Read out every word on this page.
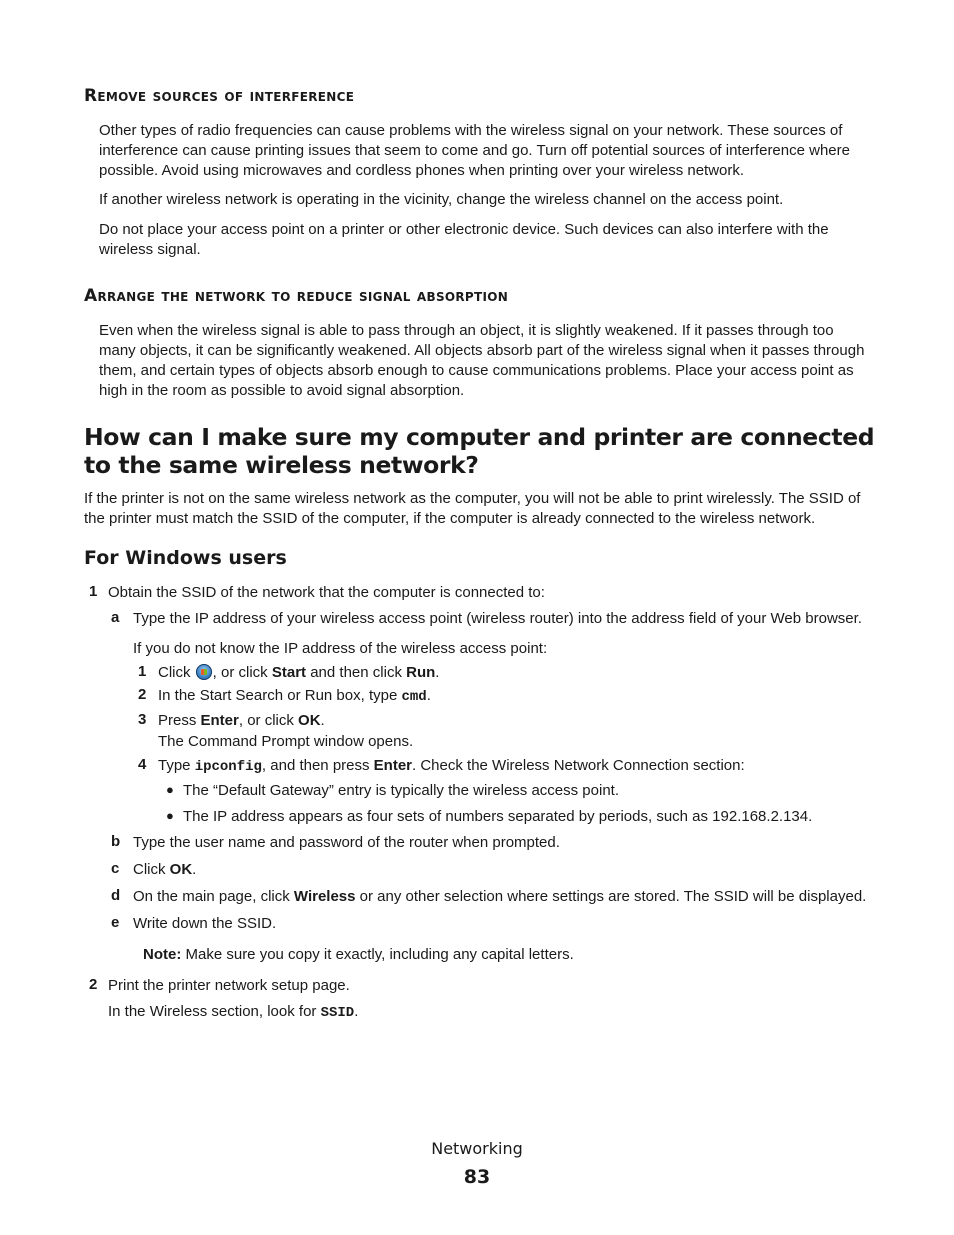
Remove sources of interference

Other types of radio frequencies can cause problems with the wireless signal on your network. These sources of interference can cause printing issues that seem to come and go. Turn off potential sources of interference where possible. Avoid using microwaves and cordless phones when printing over your wireless network.

If another wireless network is operating in the vicinity, change the wireless channel on the access point.

Do not place your access point on a printer or other electronic device. Such devices can also interfere with the wireless signal.

Arrange the network to reduce signal absorption

Even when the wireless signal is able to pass through an object, it is slightly weakened. If it passes through too many objects, it can be significantly weakened. All objects absorb part of the wireless signal when it passes through them, and certain types of objects absorb enough to cause communications problems. Place your access point as high in the room as possible to avoid signal absorption.

How can I make sure my computer and printer are connected to the same wireless network?

If the printer is not on the same wireless network as the computer, you will not be able to print wirelessly. The SSID of the printer must match the SSID of the computer, if the computer is already connected to the wireless network.

For Windows users
1 Obtain the SSID of the network that the computer is connected to:
a Type the IP address of your wireless access point (wireless router) into the address field of your Web browser.
If you do not know the IP address of the wireless access point:
1 Click , or click Start and then click Run.
2 In the Start Search or Run box, type cmd.
3 Press Enter, or click OK.
The Command Prompt window opens.
4 Type ipconfig, and then press Enter. Check the Wireless Network Connection section:
● The “Default Gateway” entry is typically the wireless access point.
● The IP address appears as four sets of numbers separated by periods, such as 192.168.2.134.
b Type the user name and password of the router when prompted.
c Click OK.
d On the main page, click Wireless or any other selection where settings are stored. The SSID will be displayed.
e Write down the SSID.
Note: Make sure you copy it exactly, including any capital letters.
2 Print the printer network setup page.
In the Wireless section, look for SSID.
Networking
83
